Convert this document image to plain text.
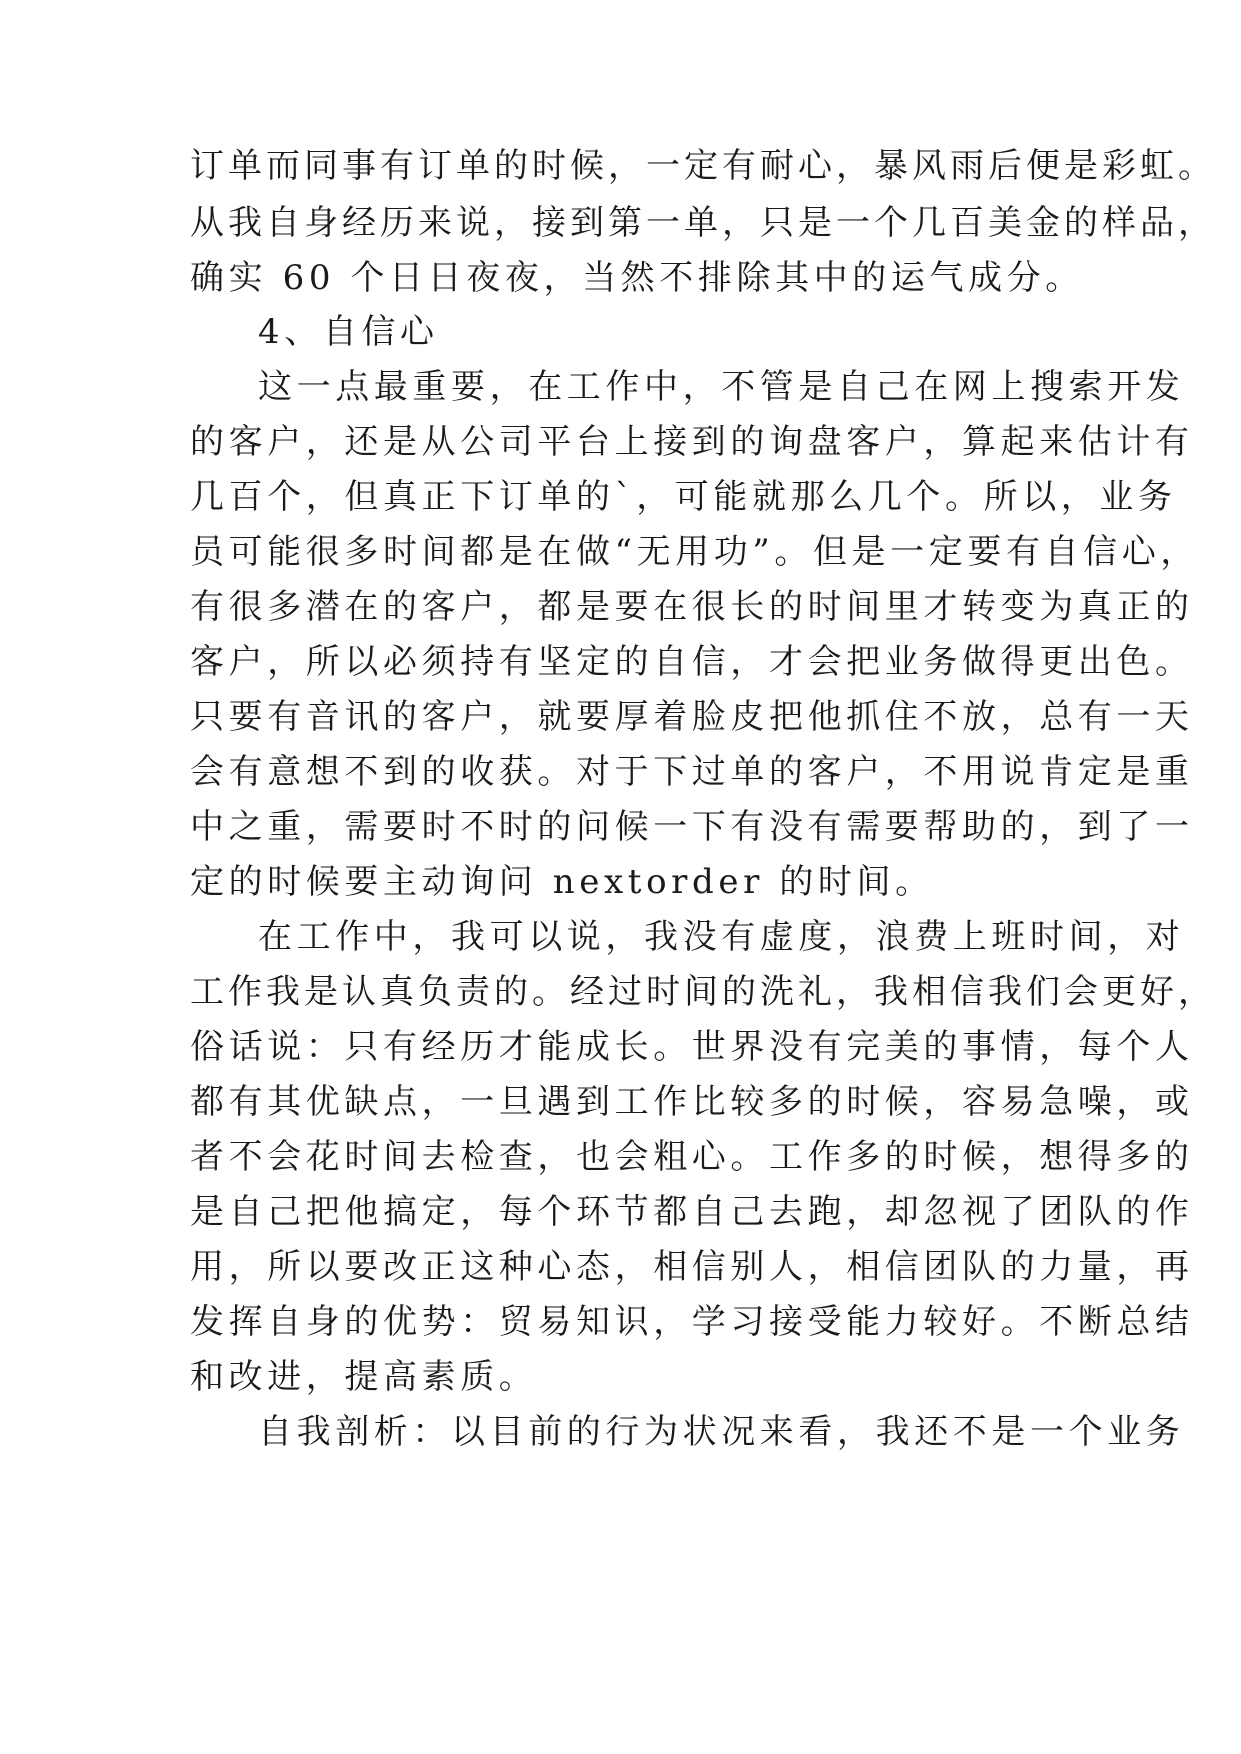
订单而同事有订单的时候，一定有耐心，暴风雨后便是彩虹。

从我自身经历来说，接到第一单，只是一个几百美金的样品，

确实 60 个日日夜夜，当然不排除其中的运气成分。

4、自信心

这一点最重要，在工作中，不管是自己在网上搜索开发

的客户，还是从公司平台上接到的询盘客户，算起来估计有

几百个，但真正下订单的`，可能就那么几个。所以，业务

员可能很多时间都是在做“无用功”。但是一定要有自信心，

有很多潜在的客户，都是要在很长的时间里才转变为真正的

客户，所以必须持有坚定的自信，才会把业务做得更出色。

只要有音讯的客户，就要厚着脸皮把他抓住不放，总有一天

会有意想不到的收获。对于下过单的客户，不用说肯定是重

中之重，需要时不时的问候一下有没有需要帮助的，到了一

定的时候要主动询问 nextorder 的时间。

在工作中，我可以说，我没有虚度，浪费上班时间，对

工作我是认真负责的。经过时间的洗礼，我相信我们会更好，

俗话说：只有经历才能成长。世界没有完美的事情，每个人

都有其优缺点，一旦遇到工作比较多的时候，容易急噪，或

者不会花时间去检查，也会粗心。工作多的时候，想得多的

是自己把他搞定，每个环节都自己去跑，却忽视了团队的作

用，所以要改正这种心态，相信别人，相信团队的力量，再

发挥自身的优势：贸易知识，学习接受能力较好。不断总结

和改进，提高素质。

自我剖析：以目前的行为状况来看，我还不是一个业务
